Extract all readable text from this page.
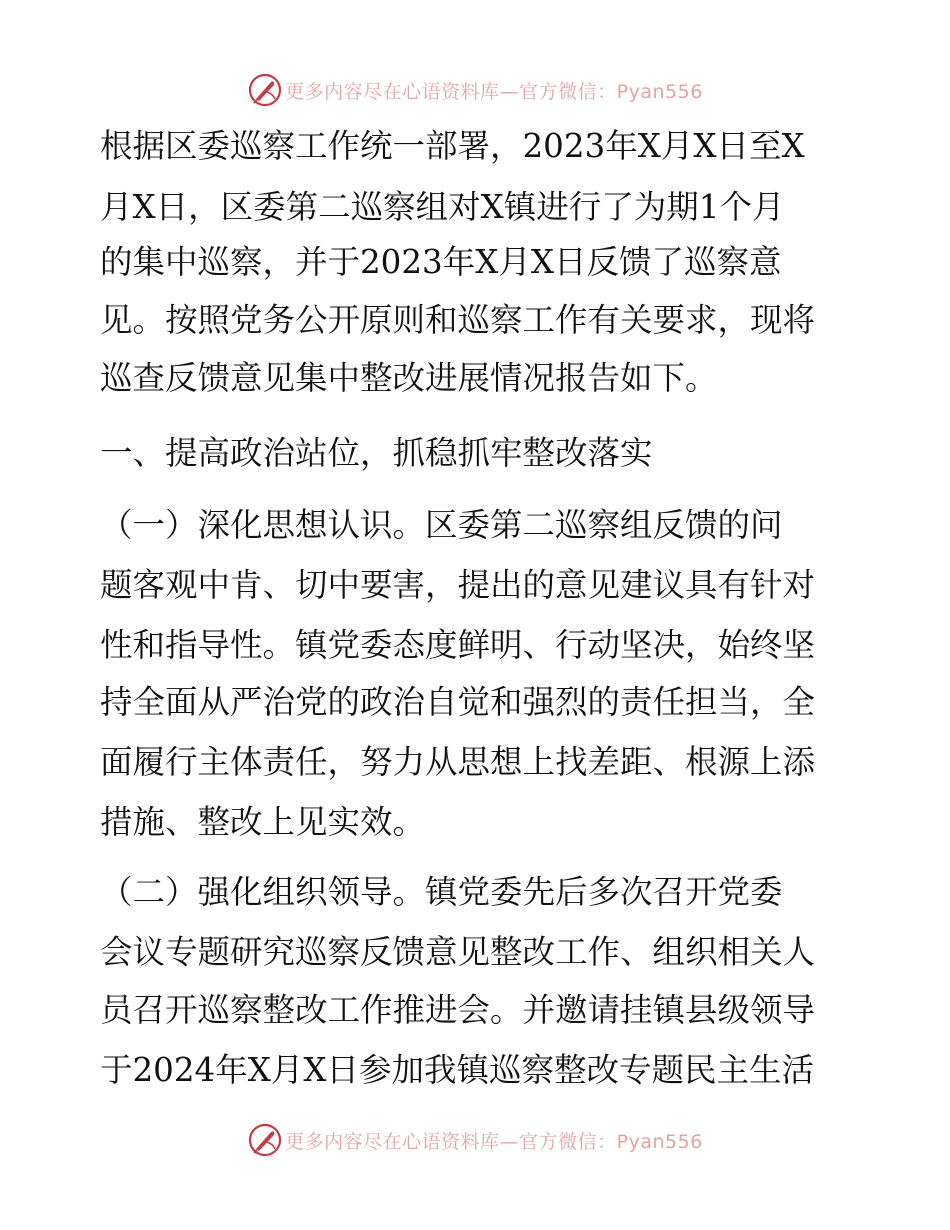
更多内容尽在心语资料库—官方微信：Pyan556
根据区委巡察工作统一部署，2023年X月X日至X
月X日，区委第二巡察组对X镇进行了为期1个月
的集中巡察，并于2023年X月X日反馈了巡察意
见。按照党务公开原则和巡察工作有关要求，现将
巡查反馈意见集中整改进展情况报告如下。
一、提高政治站位，抓稳抓牢整改落实
（一）深化思想认识。区委第二巡察组反馈的问
题客观中肯、切中要害，提出的意见建议具有针对
性和指导性。镇党委态度鲜明、行动坚决，始终坚
持全面从严治党的政治自觉和强烈的责任担当，全
面履行主体责任，努力从思想上找差距、根源上添
措施、整改上见实效。
（二）强化组织领导。镇党委先后多次召开党委
会议专题研究巡察反馈意见整改工作、组织相关人
员召开巡察整改工作推进会。并邀请挂镇县级领导
于2024年X月X日参加我镇巡察整改专题民主生活
更多内容尽在心语资料库—官方微信：Pyan556
